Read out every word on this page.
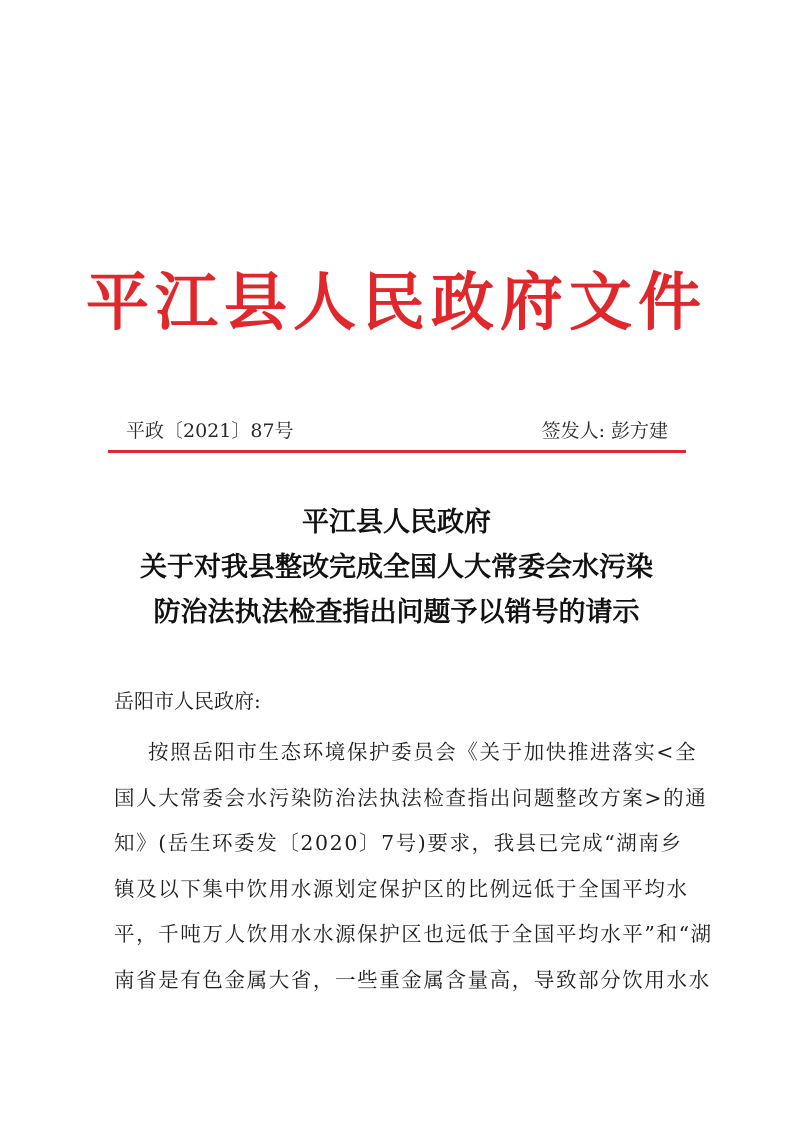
平江县人民政府文件
平政〔2021〕87号	签发人: 彭方建
平江县人民政府
关于对我县整改完成全国人大常委会水污染
防治法执法检查指出问题予以销号的请示
岳阳市人民政府:
按照岳阳市生态环境保护委员会《关于加快推进落实<全
国人大常委会水污染防治法执法检查指出问题整改方案>的通
知》(岳生环委发〔2020〕7号)要求，我县已完成“湖南乡
镇及以下集中饮用水源划定保护区的比例远低于全国平均水
平，千吨万人饮用水水源保护区也远低于全国平均水平”和“湖
南省是有色金属大省，一些重金属含量高，导致部分饮用水水
